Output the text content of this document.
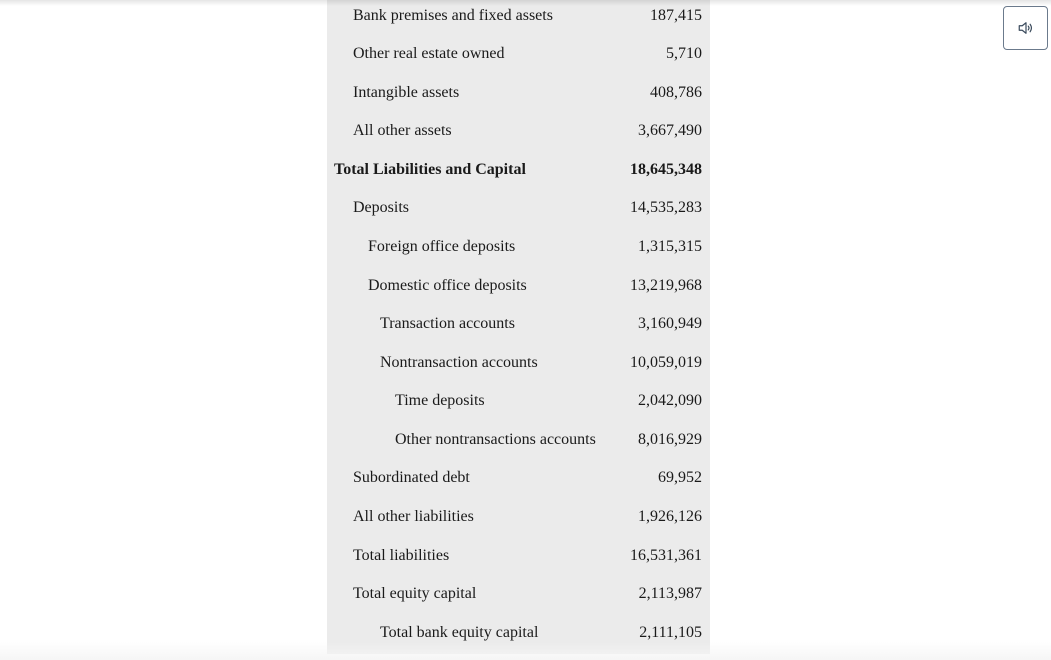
Bank premises and fixed assets	187,415
Other real estate owned	5,710
Intangible assets	408,786
All other assets	3,667,490
Total Liabilities and Capital	18,645,348
Deposits	14,535,283
Foreign office deposits	1,315,315
Domestic office deposits	13,219,968
Transaction accounts	3,160,949
Nontransaction accounts	10,059,019
Time deposits	2,042,090
Other nontransactions accounts	8,016,929
Subordinated debt	69,952
All other liabilities	1,926,126
Total liabilities	16,531,361
Total equity capital	2,113,987
Total bank equity capital	2,111,105
